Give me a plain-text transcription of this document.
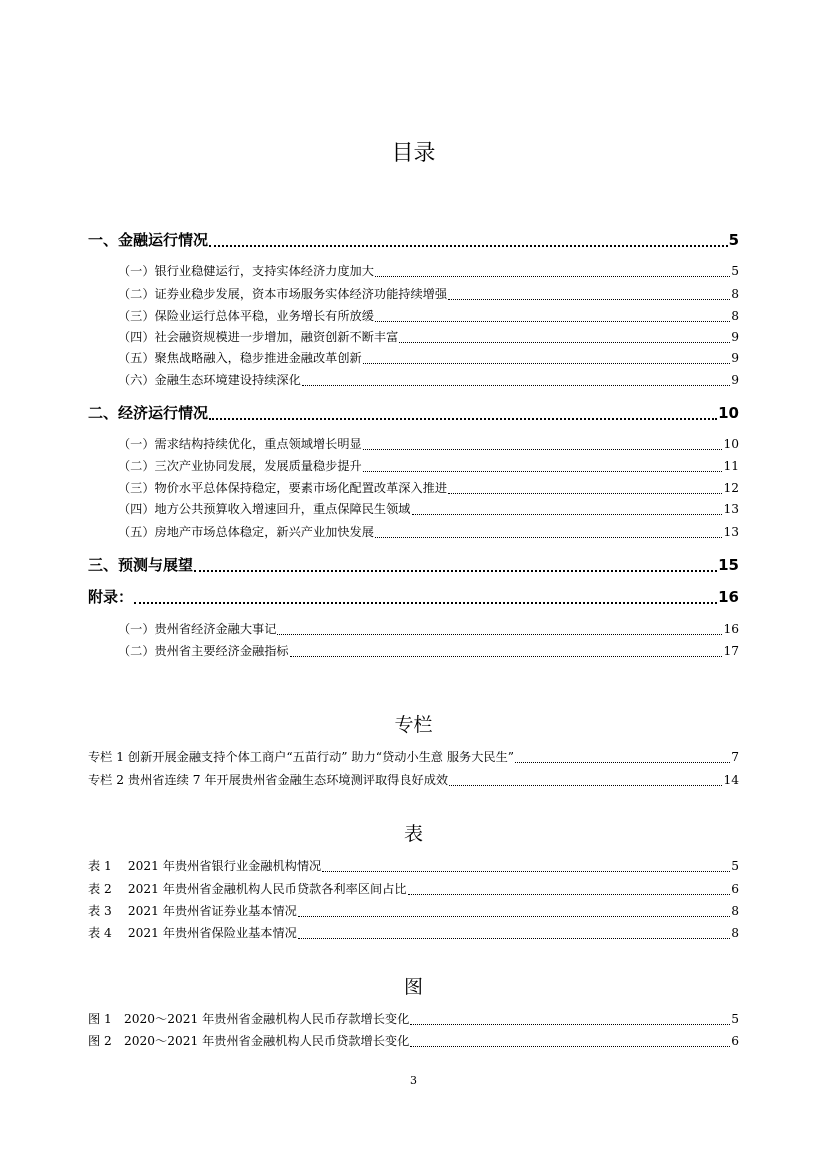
目录
一、金融运行情况	5
（一）银行业稳健运行，支持实体经济力度加大	5
（二）证券业稳步发展，资本市场服务实体经济功能持续增强	8
（三）保险业运行总体平稳，业务增长有所放缓	8
（四）社会融资规模进一步增加，融资创新不断丰富	9
（五）聚焦战略融入，稳步推进金融改革创新	9
（六）金融生态环境建设持续深化	9
二、经济运行情况	10
（一）需求结构持续优化，重点领域增长明显	10
（二）三次产业协同发展，发展质量稳步提升	11
（三）物价水平总体保持稳定，要素市场化配置改革深入推进	12
（四）地方公共预算收入增速回升，重点保障民生领域	13
（五）房地产市场总体稳定，新兴产业加快发展	13
三、预测与展望	15
附录：	16
（一）贵州省经济金融大事记	16
（二）贵州省主要经济金融指标	17
专栏
专栏 1 创新开展金融支持个体工商户“五苗行动” 助力“贷动小生意 服务大民生”	7
专栏 2 贵州省连续 7 年开展贵州省金融生态环境测评取得良好成效	14
表
表 1　 2021 年贵州省银行业金融机构情况	5
表 2　 2021 年贵州省金融机构人民币贷款各利率区间占比	6
表 3　 2021 年贵州省证券业基本情况	8
表 4　 2021 年贵州省保险业基本情况	8
图
图 1　2020～2021 年贵州省金融机构人民币存款增长变化	5
图 2　2020～2021 年贵州省金融机构人民币贷款增长变化	6
3
